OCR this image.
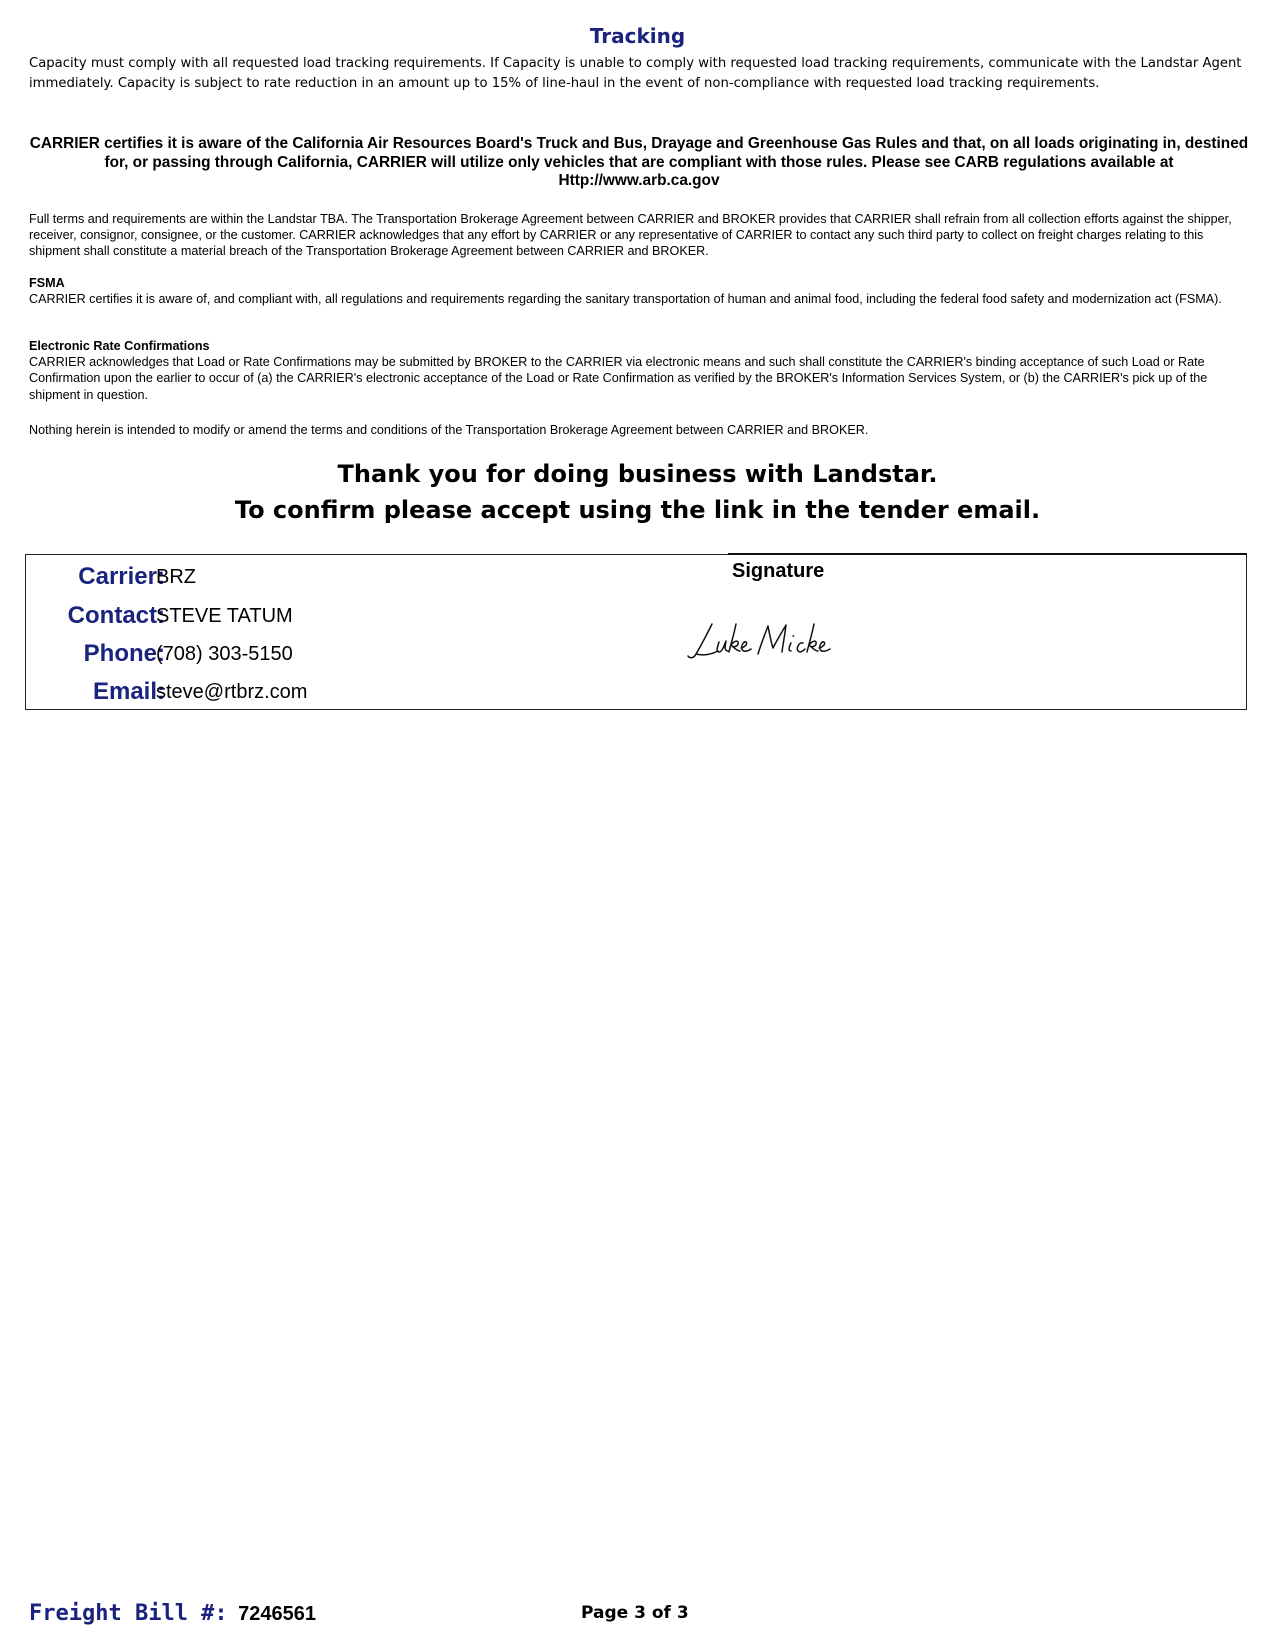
Tracking
Capacity must comply with all requested load tracking requirements. If Capacity is unable to comply with requested load tracking requirements, communicate with the Landstar Agent immediately. Capacity is subject to rate reduction in an amount up to 15% of line-haul in the event of non-compliance with requested load tracking requirements.
CARRIER certifies it is aware of the California Air Resources Board's Truck and Bus, Drayage and Greenhouse Gas Rules and that, on all loads originating in, destined for, or passing through California, CARRIER will utilize only vehicles that are compliant with those rules. Please see CARB regulations available at Http://www.arb.ca.gov
Full terms and requirements are within the Landstar TBA. The Transportation Brokerage Agreement between CARRIER and BROKER provides that CARRIER shall refrain from all collection efforts against the shipper, receiver, consignor, consignee, or the customer. CARRIER acknowledges that any effort by CARRIER or any representative of CARRIER to contact any such third party to collect on freight charges relating to this shipment shall constitute a material breach of the Transportation Brokerage Agreement between CARRIER and BROKER.
FSMA
CARRIER certifies it is aware of, and compliant with, all regulations and requirements regarding the sanitary transportation of human and animal food, including the federal food safety and modernization act (FSMA).
Electronic Rate Confirmations
CARRIER acknowledges that Load or Rate Confirmations may be submitted by BROKER to the CARRIER via electronic means and such shall constitute the CARRIER's binding acceptance of such Load or Rate Confirmation upon the earlier to occur of (a) the CARRIER's electronic acceptance of the Load or Rate Confirmation as verified by the BROKER's Information Services System, or (b) the CARRIER's pick up of the shipment in question.
Nothing herein is intended to modify or amend the terms and conditions of the Transportation Brokerage Agreement between CARRIER and BROKER.
Thank you for doing business with Landstar.
To confirm please accept using the link in the tender email.
Carrier:
BRZ
Contact:
STEVE TATUM
Phone:
(708) 303-5150
Email:
steve@rtbrz.com
Signature
Freight Bill #: 7246561	Page 3 of 3
